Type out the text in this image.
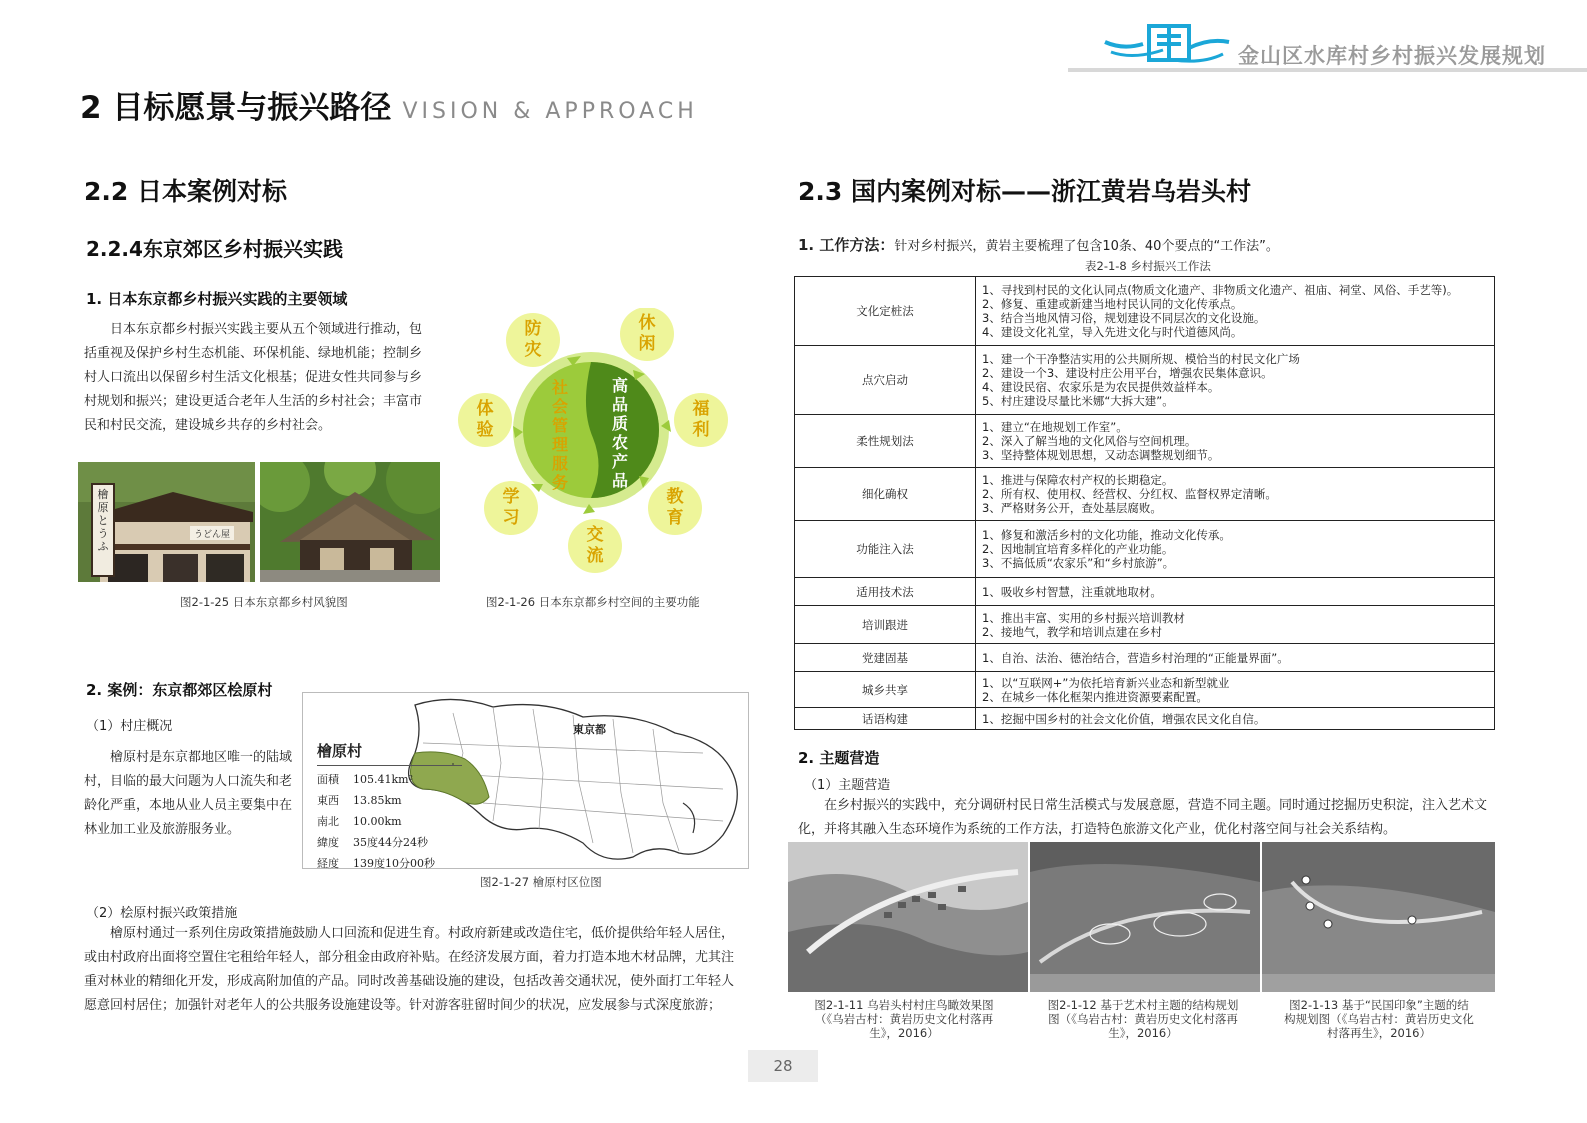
金山区水库村乡村振兴发展规划
2 目标愿景与振兴路径 VISION & APPROACH
2.2 日本案例对标
2.2.4东京郊区乡村振兴实践
1. 日本东京都乡村振兴实践的主要领域

日本东京都乡村振兴实践主要从五个领域进行推动，包括重视及保护乡村生态机能、环保机能、绿地机能；控制乡村人口流出以保留乡村生活文化根基；促进女性共同参与乡村规划和振兴；建设更适合老年人生活的乡村社会；丰富市民和村民交流，建设城乡共存的乡村社会。

檜原とうふ
うどん屋
图2-1-25 日本东京都乡村风貌图
社会管理服务
高品质农产品
防灾
休闲
福利
教育
交流
学习
体验
图2-1-26 日本东京都乡村空间的主要功能
2. 案例：东京都郊区桧原村
（1）村庄概况

檜原村是东京都地区唯一的陆域村，目临的最大问题为人口流失和老龄化严重，本地从业人员主要集中在林业加工业及旅游服务业。

東京都
檜原村
面積 105.41km²
東西 13.85km
南北 10.00km
緯度 35度44分24秒
経度 139度10分00秒
图2-1-27 檜原村区位图
（2）桧原村振兴政策措施

檜原村通过一系列住房政策措施鼓励人口回流和促进生育。村政府新建或改造住宅，低价提供给年轻人居住，或由村政府出面将空置住宅租给年轻人，部分租金由政府补贴。在经济发展方面，着力打造本地木材品牌，尤其注重对林业的精细化开发，形成高附加值的产品。同时改善基础设施的建设，包括改善交通状况，使外面打工年轻人愿意回村居住；加强针对老年人的公共服务设施建设等。针对游客驻留时间少的状况，应发展参与式深度旅游；

2.3 国内案例对标——浙江黄岩乌岩头村
1. 工作方法：针对乡村振兴，黄岩主要梳理了包含10条、40个要点的“工作法”。
表2-1-8 乡村振兴工作法
文化定桩法	1、寻找到村民的文化认同点(物质文化遗产、非物质文化遗产、祖庙、祠堂、风俗、手艺等)。
2、修复、重建或新建当地村民认同的文化传承点。
3、结合当地风情习俗，规划建设不同层次的文化设施。
4、建设文化礼堂，导入先进文化与时代道德风尚。

点穴启动	1、建一个干净整洁实用的公共厕所规、模恰当的村民文化广场
2、建设一个3、建设村庄公用平台，增强农民集体意识。
4、建设民宿、农家乐是为农民提供效益样本。
5、村庄建设尽量比米娜“大拆大建”。

柔性规划法	1、建立“在地规划工作室”。
2、深入了解当地的文化风俗与空间机理。
3、坚持整体规划思想，又动态调整规划细节。

细化确权	1、推进与保障农村产权的长期稳定。
2、所有权、使用权、经营权、分红权、监督权界定清晰。
3、严格财务公开，查处基层腐败。

功能注入法	1、修复和激活乡村的文化功能，推动文化传承。
2、因地制宜培育多样化的产业功能。
3、不搞低质“农家乐”和“乡村旅游”。

适用技术法	1、吸收乡村智慧，注重就地取材。

培训跟进	1、推出丰富、实用的乡村振兴培训教材
2、接地气，教学和培训点建在乡村

党建固基	1、自治、法治、德治结合，营造乡村治理的“正能量界面”。

城乡共享	1、以“互联网+”为依托培育新兴业态和新型就业
2、在城乡一体化框架内推进资源要素配置。

话语构建	1、挖掘中国乡村的社会文化价值，增强农民文化自信。
2. 主题营造
（1）主题营造

在乡村振兴的实践中，充分调研村民日常生活模式与发展意愿，营造不同主题。同时通过挖掘历史积淀，注入艺术文化，并将其融入生态环境作为系统的工作方法，打造特色旅游文化产业，优化村落空间与社会关系结构。

图2-1-11 乌岩头村村庄鸟瞰效果图（《乌岩古村：黄岩历史文化村落再生》，2016）
图2-1-12 基于艺术村主题的结构规划图（《乌岩古村：黄岩历史文化村落再生》，2016）
图2-1-13 基于“民国印象”主题的结构规划图（《乌岩古村：黄岩历史文化村落再生》，2016）
28
